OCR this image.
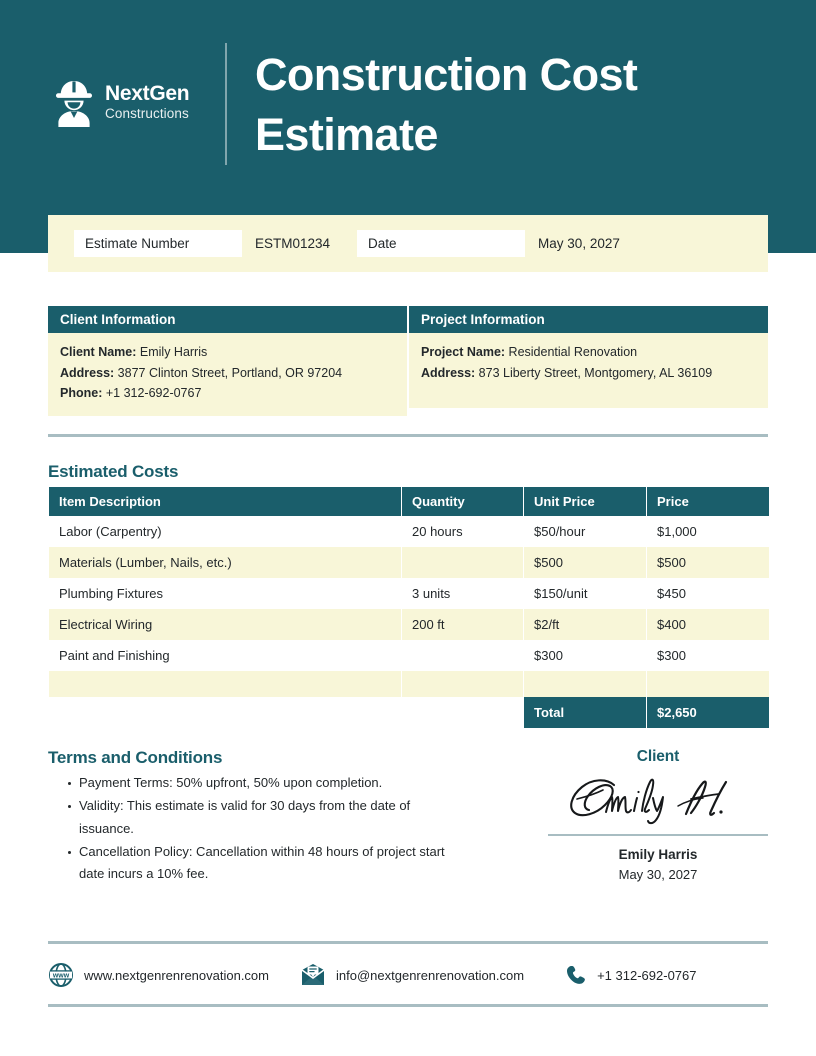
NextGen
Constructions
Construction Cost Estimate
Estimate Number	ESTM01234	Date	May 30, 2027
Client Information
Client Name: Emily Harris
Address: 3877 Clinton Street, Portland, OR 97204
Phone: +1 312-692-0767
Project Information
Project Name: Residential Renovation
Address: 873 Liberty Street, Montgomery, AL 36109
Estimated Costs
Item Description	Quantity	Unit Price	Price
Labor (Carpentry)	20 hours	$50/hour	$1,000
Materials (Lumber, Nails, etc.)		$500	$500
Plumbing Fixtures	3 units	$150/unit	$450
Electrical Wiring	200 ft	$2/ft	$400
Paint and Finishing		$300	$300

		Total	$2,650
Terms and Conditions
Payment Terms: 50% upfront, 50% upon completion.
Validity: This estimate is valid for 30 days from the date of issuance.
Cancellation Policy: Cancellation within 48 hours of project start date incurs a 10% fee.
Client
Emily Harris
May 30, 2027
www www.nextgenrenrenovation.com	info@nextgenrenrenovation.com	+1 312-692-0767
